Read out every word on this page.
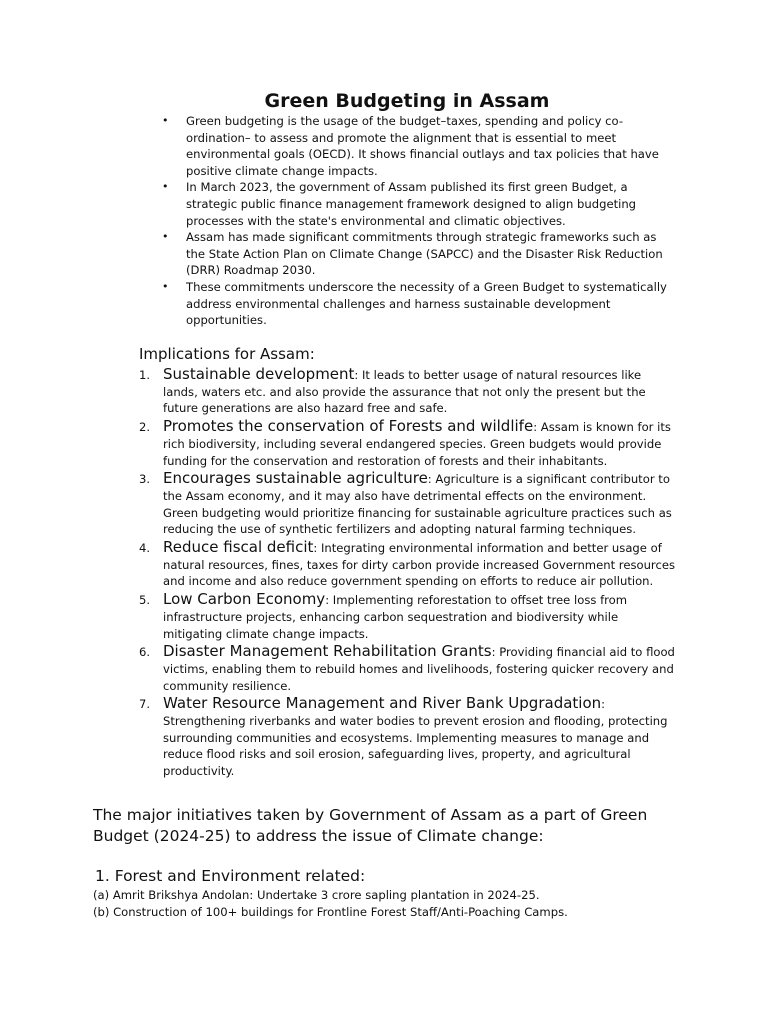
Green Budgeting in Assam
• Green budgeting is the usage of the budget–taxes, spending and policy co-ordination– to assess and promote the alignment that is essential to meet environmental goals (OECD). It shows financial outlays and tax policies that have positive climate change impacts.
• In March 2023, the government of Assam published its first green Budget, a strategic public finance management framework designed to align budgeting processes with the state's environmental and climatic objectives.
• Assam has made significant commitments through strategic frameworks such as the State Action Plan on Climate Change (SAPCC) and the Disaster Risk Reduction (DRR) Roadmap 2030.
• These commitments underscore the necessity of a Green Budget to systematically address environmental challenges and harness sustainable development opportunities.
Implications for Assam:
1. Sustainable development: It leads to better usage of natural resources like lands, waters etc. and also provide the assurance that not only the present but the future generations are also hazard free and safe.
2. Promotes the conservation of Forests and wildlife: Assam is known for its rich biodiversity, including several endangered species. Green budgets would provide funding for the conservation and restoration of forests and their inhabitants.
3. Encourages sustainable agriculture: Agriculture is a significant contributor to the Assam economy, and it may also have detrimental effects on the environment. Green budgeting would prioritize financing for sustainable agriculture practices such as reducing the use of synthetic fertilizers and adopting natural farming techniques.
4. Reduce fiscal deficit: Integrating environmental information and better usage of natural resources, fines, taxes for dirty carbon provide increased Government resources and income and also reduce government spending on efforts to reduce air pollution.
5. Low Carbon Economy: Implementing reforestation to offset tree loss from infrastructure projects, enhancing carbon sequestration and biodiversity while mitigating climate change impacts.
6. Disaster Management Rehabilitation Grants: Providing financial aid to flood victims, enabling them to rebuild homes and livelihoods, fostering quicker recovery and community resilience.
7. Water Resource Management and River Bank Upgradation: Strengthening riverbanks and water bodies to prevent erosion and flooding, protecting surrounding communities and ecosystems. Implementing measures to manage and reduce flood risks and soil erosion, safeguarding lives, property, and agricultural productivity.
The major initiatives taken by Government of Assam as a part of Green Budget (2024-25) to address the issue of Climate change:
1. Forest and Environment related:
(a) Amrit Brikshya Andolan: Undertake 3 crore sapling plantation in 2024-25.
(b) Construction of 100+ buildings for Frontline Forest Staff/Anti-Poaching Camps.
